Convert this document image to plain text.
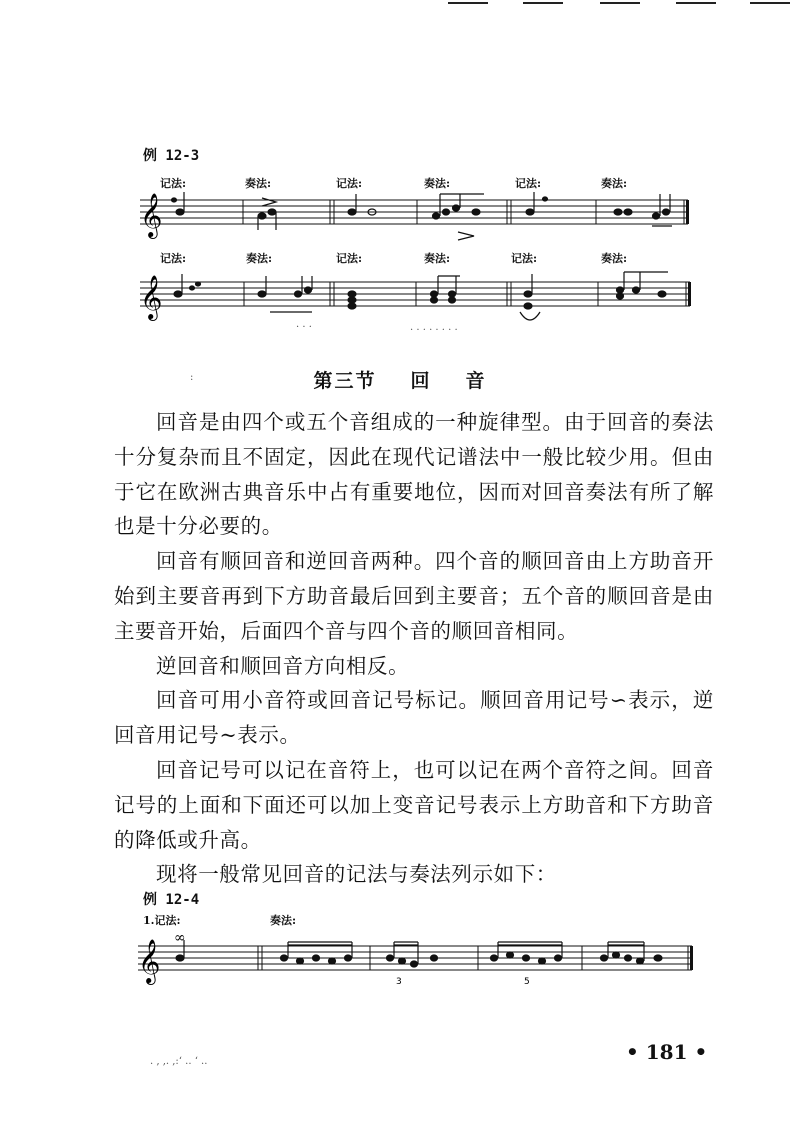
例 12-3
记法:	奏法:	记法:	奏法:	记法:	奏法:
𝄞
记法:	奏法:	记法:	奏法:	记法:	奏法:
𝄞
· · ·	. . . . . . . .
:	第三节 回 音

回音是由四个或五个音组成的一种旋律型。由于回音的奏法十分复杂而且不固定，因此在现代记谱法中一般比较少用。但由于它在欧洲古典音乐中占有重要地位，因而对回音奏法有所了解也是十分必要的。

回音有顺回音和逆回音两种。四个音的顺回音由上方助音开始到主要音再到下方助音最后回到主要音；五个音的顺回音是由主要音开始，后面四个音与四个音的顺回音相同。

逆回音和顺回音方向相反。

回音可用小音符或回音记号标记。顺回音用记号∽表示，逆回音用记号~表示。

回音记号可以记在音符上，也可以记在两个音符之间。回音记号的上面和下面还可以加上变音记号表示上方助音和下方助音的降低或升高。

现将一般常见回音的记法与奏法列示如下：

例 12-4
1.记法:	奏法:
𝄞
∞
3	5
. ‚ ,. ,:‘ .. ‘ ..	• 181 •
